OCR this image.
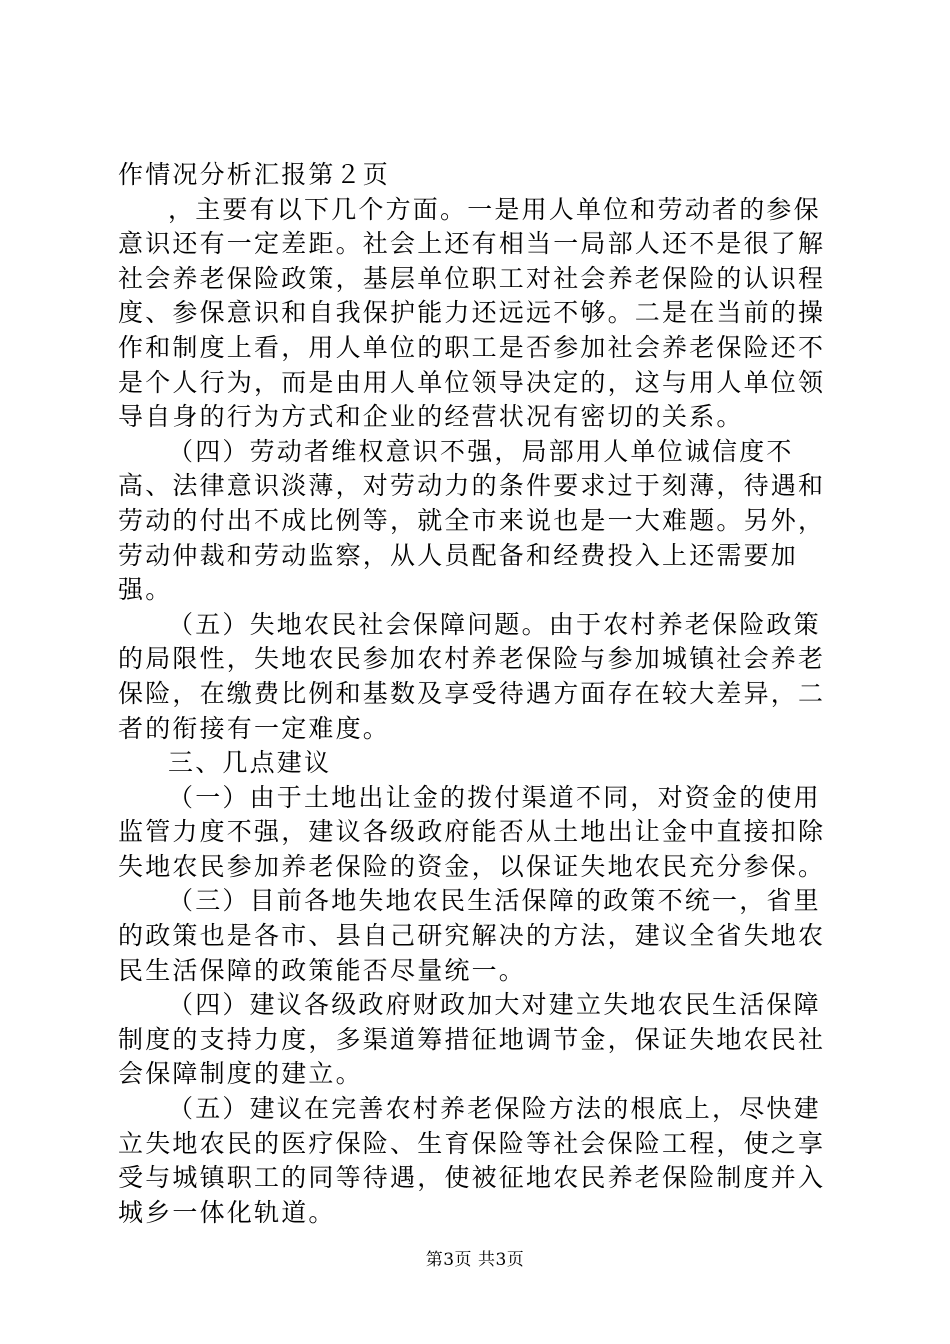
作情况分析汇报第２页

，主要有以下几个方面。一是用人单位和劳动者的参保意识还有一定差距。社会上还有相当一局部人还不是很了解社会养老保险政策，基层单位职工对社会养老保险的认识程度、参保意识和自我保护能力还远远不够。二是在当前的操作和制度上看，用人单位的职工是否参加社会养老保险还不是个人行为，而是由用人单位领导决定的，这与用人单位领导自身的行为方式和企业的经营状况有密切的关系。

（四）劳动者维权意识不强，局部用人单位诚信度不高、法律意识淡薄，对劳动力的条件要求过于刻薄，待遇和劳动的付出不成比例等，就全市来说也是一大难题。另外，劳动仲裁和劳动监察，从人员配备和经费投入上还需要加强。

（五）失地农民社会保障问题。由于农村养老保险政策的局限性，失地农民参加农村养老保险与参加城镇社会养老保险，在缴费比例和基数及享受待遇方面存在较大差异，二者的衔接有一定难度。

三、几点建议

（一）由于土地出让金的拨付渠道不同，对资金的使用监管力度不强，建议各级政府能否从土地出让金中直接扣除失地农民参加养老保险的资金，以保证失地农民充分参保。

（三）目前各地失地农民生活保障的政策不统一，省里的政策也是各市、县自己研究解决的方法，建议全省失地农民生活保障的政策能否尽量统一。

（四）建议各级政府财政加大对建立失地农民生活保障制度的支持力度，多渠道筹措征地调节金，保证失地农民社会保障制度的建立。

（五）建议在完善农村养老保险方法的根底上，尽快建立失地农民的医疗保险、生育保险等社会保险工程，使之享受与城镇职工的同等待遇，使被征地农民养老保险制度并入城乡一体化轨道。

第3页 共3页
